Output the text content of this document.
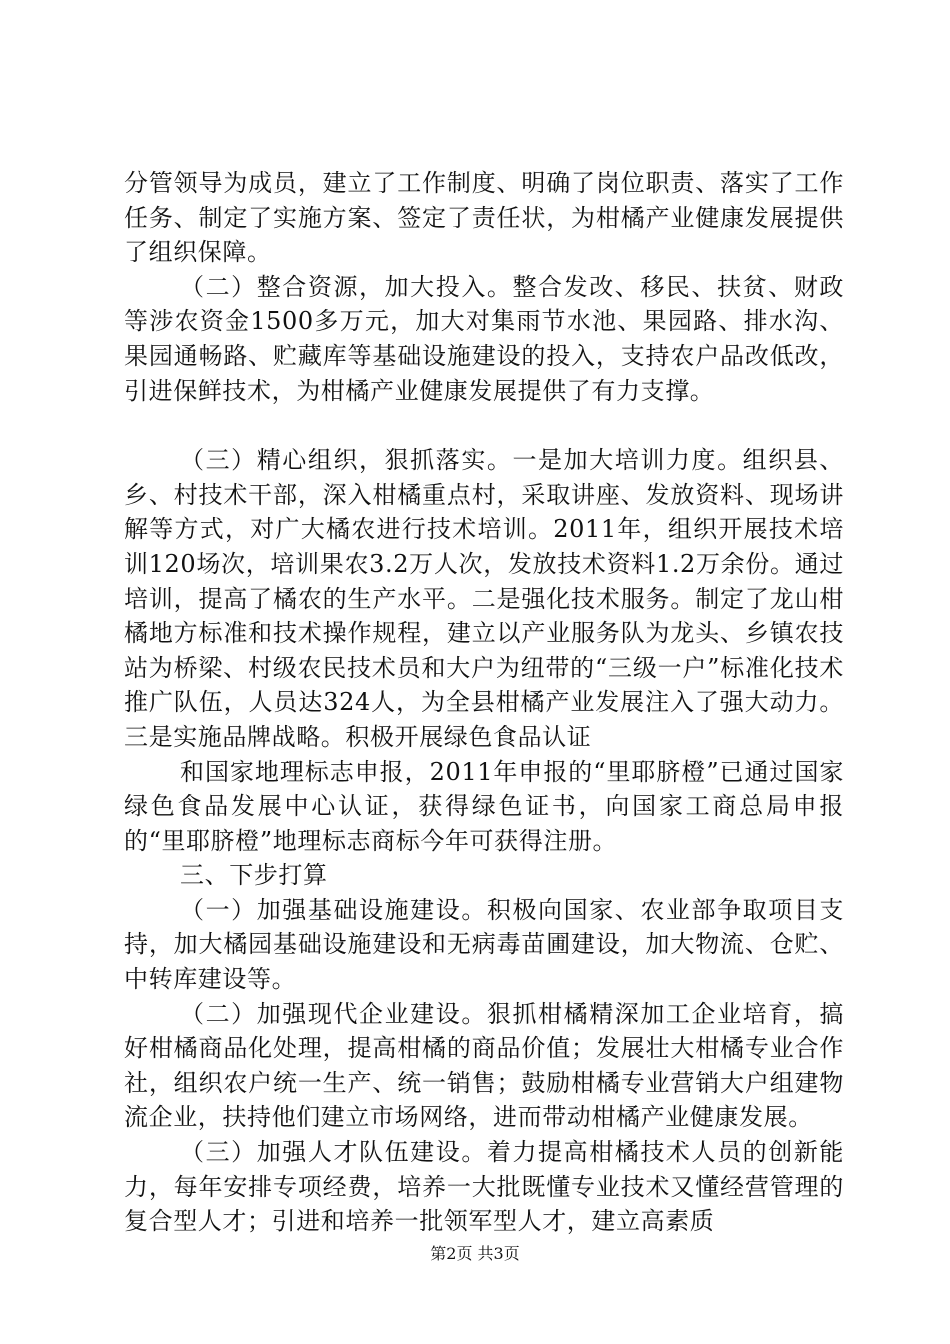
分管领导为成员，建立了工作制度、明确了岗位职责、落实了工作任务、制定了实施方案、签定了责任状，为柑橘产业健康发展提供了组织保障。

（二）整合资源，加大投入。整合发改、移民、扶贫、财政等涉农资金1500多万元，加大对集雨节水池、果园路、排水沟、果园通畅路、贮藏库等基础设施建设的投入，支持农户品改低改，引进保鲜技术，为柑橘产业健康发展提供了有力支撑。

（三）精心组织，狠抓落实。一是加大培训力度。组织县、乡、村技术干部，深入柑橘重点村，采取讲座、发放资料、现场讲解等方式，对广大橘农进行技术培训。2011年，组织开展技术培训120场次，培训果农3.2万人次，发放技术资料1.2万余份。通过培训，提高了橘农的生产水平。二是强化技术服务。制定了龙山柑橘地方标准和技术操作规程，建立以产业服务队为龙头、乡镇农技站为桥梁、村级农民技术员和大户为纽带的“三级一户”标准化技术推广队伍，人员达324人，为全县柑橘产业发展注入了强大动力。三是实施品牌战略。积极开展绿色食品认证

和国家地理标志申报，2011年申报的“里耶脐橙”已通过国家绿色食品发展中心认证，获得绿色证书，向国家工商总局申报的“里耶脐橙”地理标志商标今年可获得注册。

三、下步打算

（一）加强基础设施建设。积极向国家、农业部争取项目支持，加大橘园基础设施建设和无病毒苗圃建设，加大物流、仓贮、中转库建设等。

（二）加强现代企业建设。狠抓柑橘精深加工企业培育，搞好柑橘商品化处理，提高柑橘的商品价值；发展壮大柑橘专业合作社，组织农户统一生产、统一销售；鼓励柑橘专业营销大户组建物流企业，扶持他们建立市场网络，进而带动柑橘产业健康发展。

（三）加强人才队伍建设。着力提高柑橘技术人员的创新能力，每年安排专项经费，培养一大批既懂专业技术又懂经营管理的复合型人才；引进和培养一批领军型人才，建立高素质

第2页 共3页
